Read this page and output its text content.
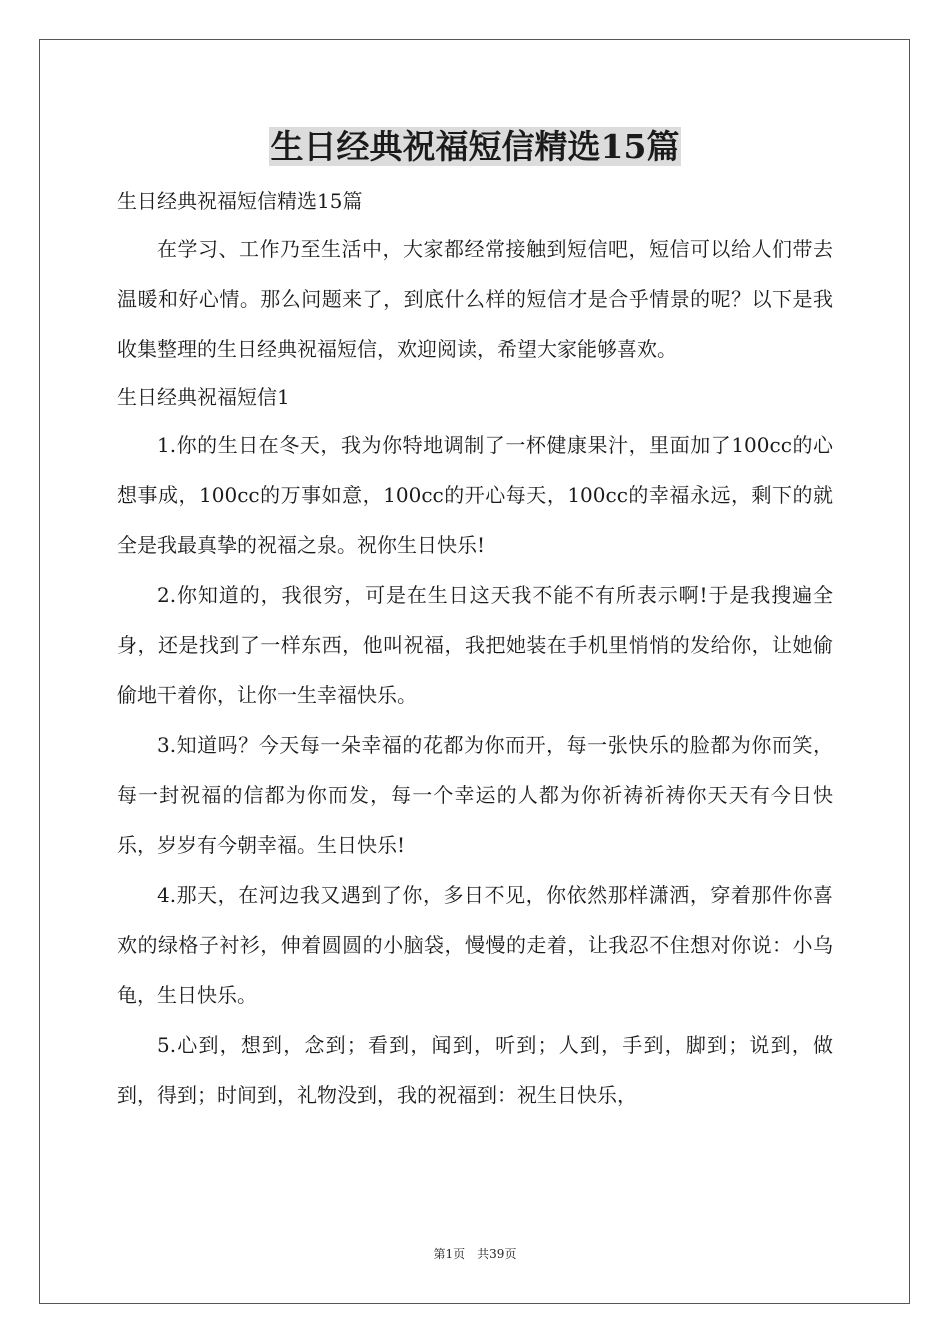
生日经典祝福短信精选15篇

生日经典祝福短信精选15篇

在学习、工作乃至生活中，大家都经常接触到短信吧，短信可以给人们带去温暖和好心情。那么问题来了，到底什么样的短信才是合乎情景的呢？以下是我收集整理的生日经典祝福短信，欢迎阅读，希望大家能够喜欢。

生日经典祝福短信1

1.你的生日在冬天，我为你特地调制了一杯健康果汁，里面加了100cc的心想事成，100cc的万事如意，100cc的开心每天，100cc的幸福永远，剩下的就全是我最真挚的祝福之泉。祝你生日快乐!

2.你知道的，我很穷，可是在生日这天我不能不有所表示啊!于是我搜遍全身，还是找到了一样东西，他叫祝福，我把她装在手机里悄悄的发给你，让她偷偷地干着你，让你一生幸福快乐。

3.知道吗？今天每一朵幸福的花都为你而开，每一张快乐的脸都为你而笑，每一封祝福的信都为你而发，每一个幸运的人都为你祈祷祈祷你天天有今日快乐，岁岁有今朝幸福。生日快乐!

4.那天，在河边我又遇到了你，多日不见，你依然那样潇洒，穿着那件你喜欢的绿格子衬衫，伸着圆圆的小脑袋，慢慢的走着，让我忍不住想对你说：小乌龟，生日快乐。

5.心到，想到，念到；看到，闻到，听到；人到，手到，脚到；说到，做到，得到；时间到，礼物没到，我的祝福到：祝生日快乐，

第1页 共39页
